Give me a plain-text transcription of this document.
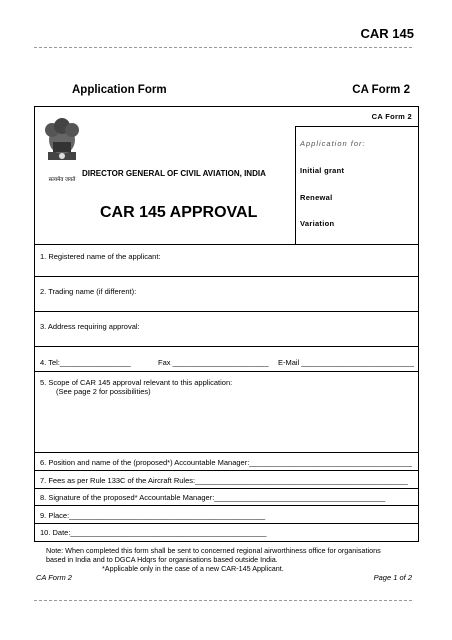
CAR 145
Application Form	CA Form 2
CA Form 2
सत्यमेव जयते
DIRECTOR GENERAL OF CIVIL AVIATION, INDIA
CAR 145 APPROVAL
Application for:
Initial grant
Renewal
Variation
1. Registered name of the applicant:
2. Trading name (if different):
3. Address requiring approval:
4. Tel:_________________	Fax _______________________ E-Mail ___________________________
5. Scope of CAR 145 approval relevant to this application:
(See page 2 for possibilities)
6. Position and name of the (proposed*) Accountable Manager:_______________________________________
7. Fees as per Rule 133C of the Aircraft Rules:___________________________________________________
8. Signature of the proposed* Accountable Manager:_________________________________________
9. Place:_______________________________________________
10. Date:_______________________________________________
Note: When completed this form shall be sent to concerned regional airworthiness office for organisations
based in India and to DGCA Hdqrs for organisations based outside India.
*Applicable only in the case of a new CAR-145 Applicant.
CA Form 2	Page 1 of 2
